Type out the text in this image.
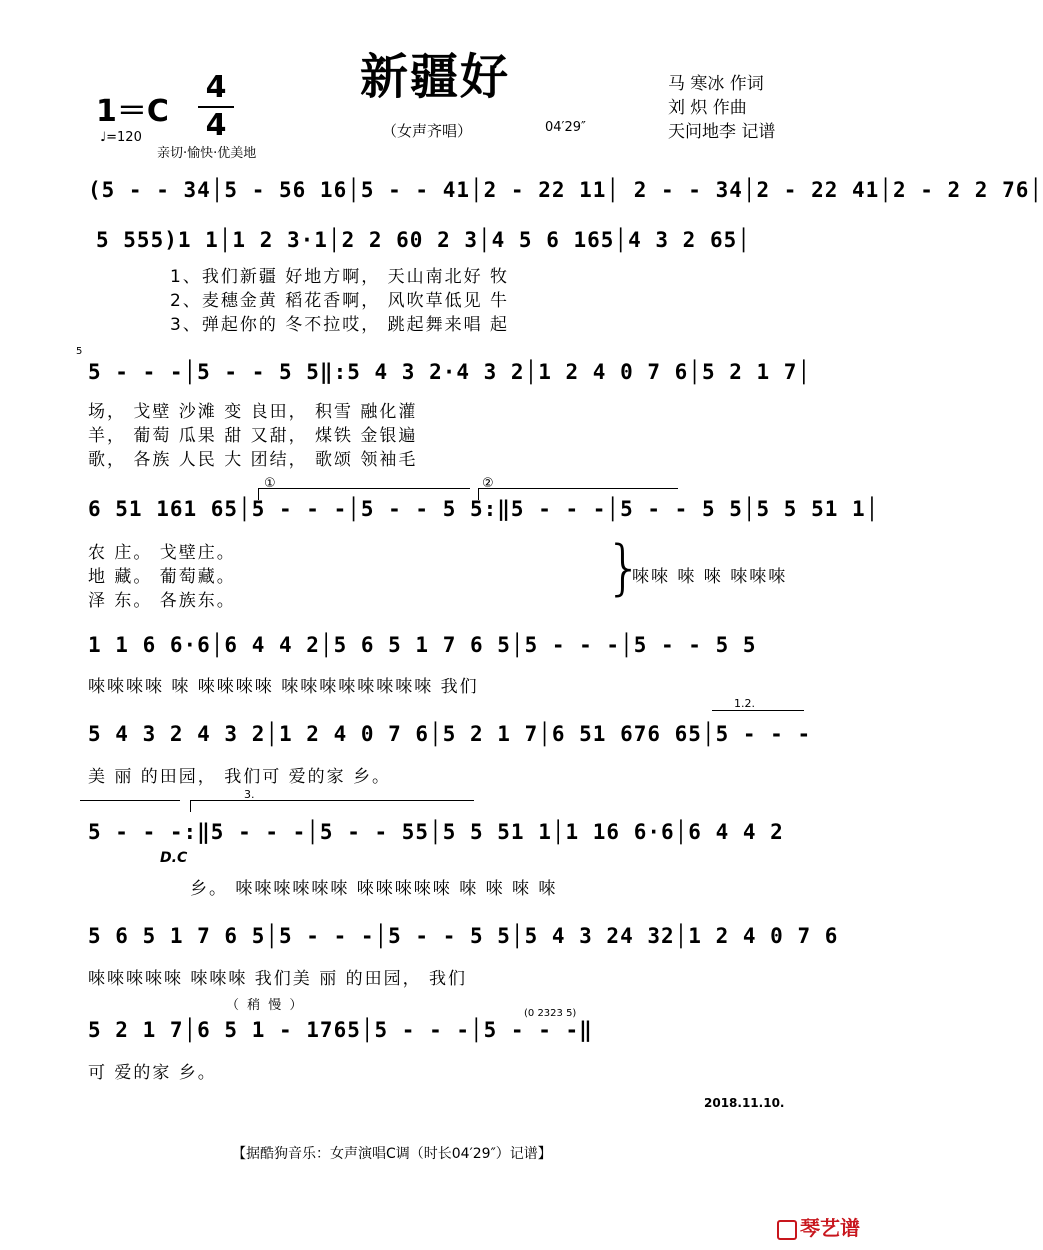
新疆好
1＝C
4
4
♩=120
亲切·愉快·优美地
（女声齐唱）	04′29″
马 寒冰 作词
刘 炽 作曲
天问地李 记谱
(5 - - 34│5 - 56 16│5 - - 41│2 - 22 11│ 2 - - 34│2 - 22 41│2 - 2 2 76│
5 555)1 1│1 2 3·1│2 2 60 2 3│4 5 6 165│4 3 2 65│
5 - - -│5 - - 5 5‖:5 4 3 2·4 3 2│1 2 4 0 7 6│5 2 1 7│
6 51 161 65│5 - - -│5 - - 5 5:‖5 - - -│5 - - 5 5│5 5 51 1│
1 1 6 6·6│6 4 4 2│5 6 5 1 7 6 5│5 - - -│5 - - 5 5
5 4 3 2 4 3 2│1 2 4 0 7 6│5 2 1 7│6 51 676 65│5 - - -
5 - - -:‖5 - - -│5 - - 55│5 5 51 1│1 16 6·6│6 4 4 2
5 6 5 1 7 6 5│5 - - -│5 - - 5 5│5 4 3 24 32│1 2 4 0 7 6
5 2 1 7│6 5 1 - 1765│5 - - -│5 - - -‖
1、我们新疆 好地方啊， 天山南北好 牧
2、麦穗金黄 稻花香啊， 风吹草低见 牛
3、弹起你的 冬不拉哎， 跳起舞来唱 起
场， 戈壁 沙滩 变 良田， 积雪 融化灌
羊， 葡萄 瓜果 甜 又甜， 煤铁 金银遍
歌， 各族 人民 大 团结， 歌颂 领袖毛
农 庄。 戈壁庄。
地 藏。 葡萄藏。
泽 东。 各族东。
唻唻 唻 唻 唻唻唻
唻唻唻唻 唻 唻唻唻唻 唻唻唻唻唻唻唻唻 我们
美 丽 的田园， 我们可 爱的家 乡。
乡。 唻唻唻唻唻唻 唻唻唻唻唻 唻 唻 唻 唻
唻唻唻唻唻 唻唻唻 我们美 丽 的田园， 我们
可 爱的家 乡。
}
①	②
1.2.
3.
D.C
（ 稍 慢 ）
(0 2323 5)
5
2018.11.10.
【据酷狗音乐：女声演唱C调（时长04′29″）记谱】
琴艺谱
